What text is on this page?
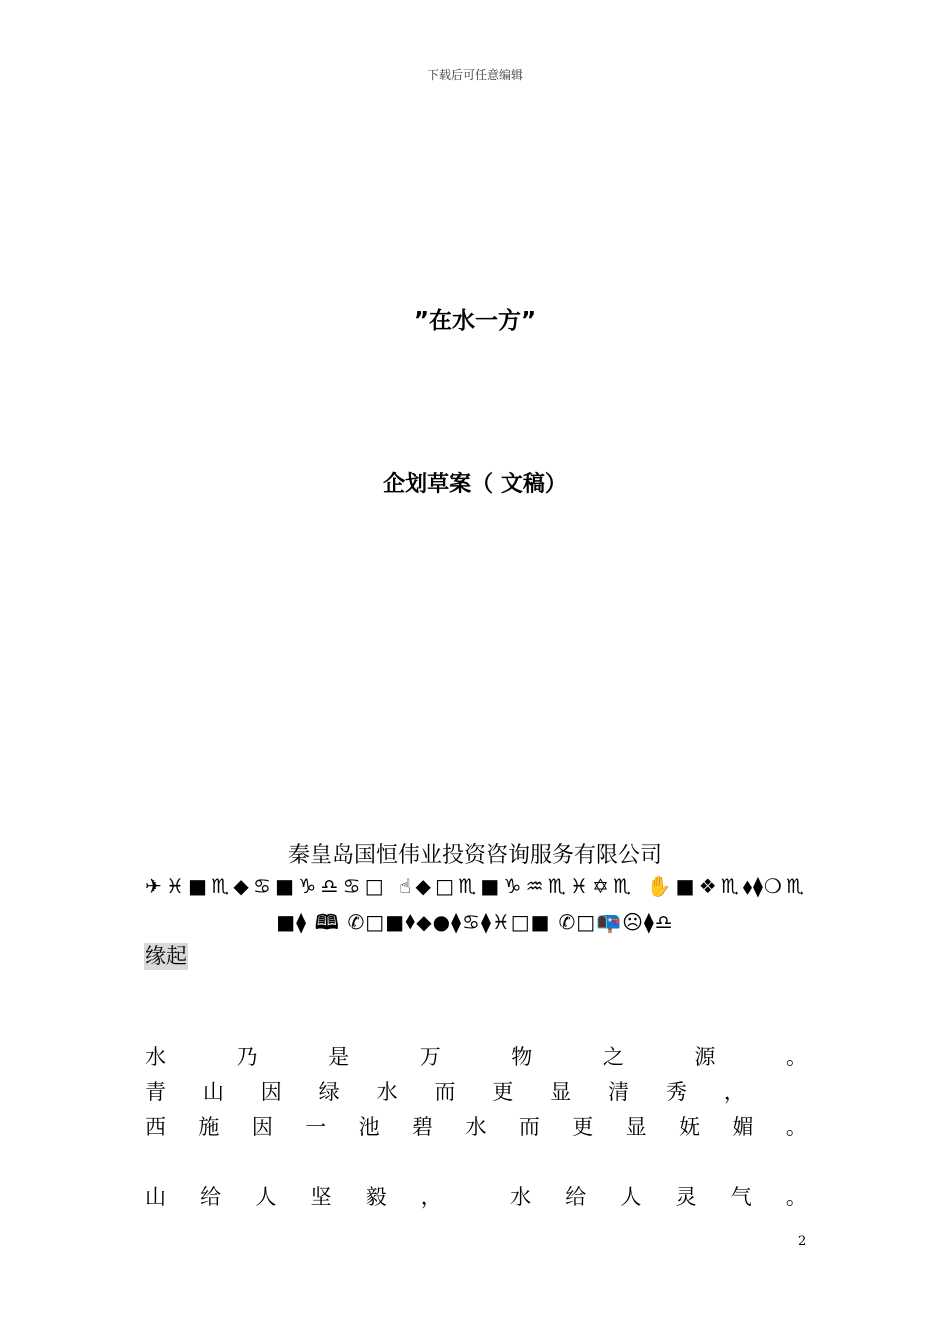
下载后可任意编辑
”在水一方”
企划草案（ 文稿）
秦皇岛国恒伟业投资咨询服务有限公司
✈♓■♏◆♋■♑♎♋□ ☝◆□♏■♑♒♏♓✡♏ ✋■❖♏⬧⧫❍♏
■⧫ 🕮 ✆□■⬧◆●⧫♋⧫♓□■ ✆□📭☹⧫♎
缘起
水	乃	是	万	物	之	源	。
青 山 因 绿 水 而 更 显 清 秀 ，
西 施 因 一 池 碧 水 而 更 显 妩 媚 。
山 给 人 坚 毅 ，	水 给 人 灵 气 。
2
